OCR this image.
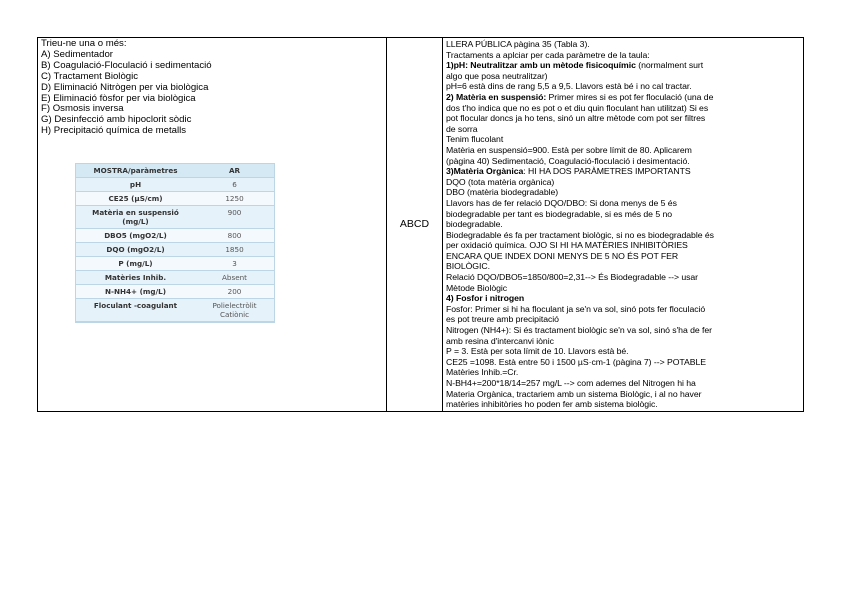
Trieu-ne una o més:
A) Sedimentador
B) Coagulació-Floculació i sedimentació
C) Tractament Biològic
D) Eliminació Nitrògen per via biològica
E) Eliminació fòsfor per via biològica
F) Osmosis inversa
G) Desinfecció amb hipoclorit sòdic
H) Precipitació química de metalls
MOSTRA/paràmetres	AR
pH	6
CE25 (µS/cm)	1250
Matèria en suspensió (mg/L)	900
DBO5 (mgO2/L)	800
DQO (mgO2/L)	1850
P (mg/L)	3
Matèries Inhib.	Absent
N-NH4+ (mg/L)	200
Floculant -coagulant	Polielectròlit Catiònic
	ABCD	
LLERA PÚBLICA pàgina 35 (Tabla 3).
Tractaments a aplciar per cada paràmetre de la taula:
1)pH: Neutralitzar amb un mètode fisicoquímic (normalment surt
algo que posa neutralitzar)
pH=6 està dins de rang 5,5 a 9,5. Llavors està bé i no cal tractar.
2) Matèria en suspensió: Primer mires si es pot fer floculació (una de
dos t'ho indica que no es pot o et diu quin floculant han utilitzat) Si es
pot flocular doncs ja ho tens, sinó un altre mètode com pot ser filtres
de sorra
Tenim flucolant
Matèria en suspensió=900. Està per sobre límit de 80. Aplicarem
(pàgina 40) Sedimentació, Coagulació-floculació i desimentació.
3)Matèria Orgànica: HI HA DOS PARÀMETRES IMPORTANTS
DQO (tota matèria orgànica)
DBO (matèria biodegradable)
Llavors has de fer relació DQO/DBO: Si dona menys de 5 és
biodegradable per tant es biodegradable, si es més de 5 no
biodegradable.
Biodegradable és fa per tractament biològic, si no es biodegradable és
per oxidació química. OJO SI HI HA MATÈRIES INHIBITÒRIES
ENCARA QUE INDEX DONI MENYS DE 5 NO ÉS POT FER
BIOLÒGIC.
Relació DQO/DBO5=1850/800=2,31--> És Biodegradable --> usar
Mètode Biològic
4) Fosfor i nitrogen
Fosfor: Primer si hi ha floculant ja se'n va sol, sinó pots fer floculació
es pot treure amb precipitació
Nitrogen (NH4+): Si és tractament biològic se'n va sol, sinó s'ha de fer
amb resina d'intercanvi iònic
P = 3. Està per sota límit de 10. Llavors està bé.
CE25 =1098. Està entre 50 i 1500 µS·cm-1 (pàgina 7) --> POTABLE
Matèries Inhib.=Cr.
N-BH4+=200*18/14=257 mg/L --> com ademes del Nitrogen hi ha
Materia Orgànica, tractariem amb un sistema Biològic, i al no haver
matèries inhibitòries ho poden fer amb sistema biològic.
